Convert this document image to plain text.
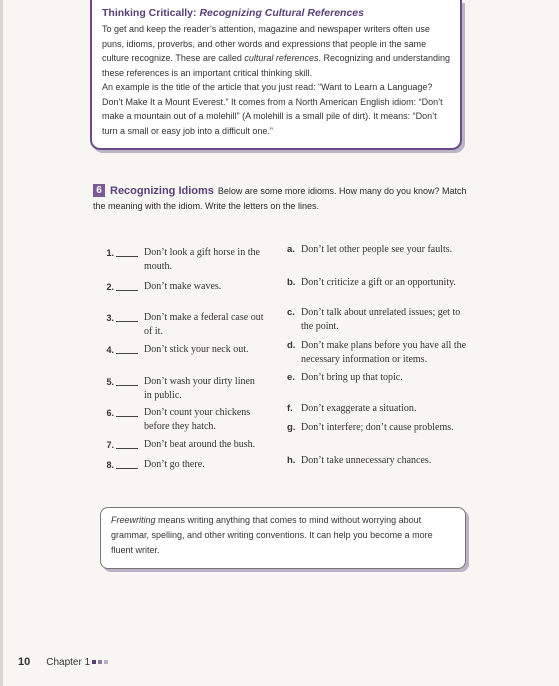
Thinking Critically: Recognizing Cultural References

To get and keep the reader’s attention, magazine and newspaper writers often use puns, idioms, proverbs, and other words and expressions that people in the same culture recognize. These are called cultural references. Recognizing and understanding these references is an important critical thinking skill.

An example is the title of the article that you just read: “Want to Learn a Language? Don’t Make It a Mount Everest.” It comes from a North American English idiom: “Don’t make a mountain out of a molehill” (A molehill is a small pile of dirt). It means: “Don’t turn a small or easy job into a difficult one.”

6 Recognizing Idioms Below are some more idioms. How many do you know? Match the meaning with the idiom. Write the letters on the lines.
1.	Don’t look a gift horse in the mouth.
2.	Don’t make waves.
3.	Don’t make a federal case out of it.
4.	Don’t stick your neck out.
5.	Don’t wash your dirty linen in public.
6.	Don’t count your chickens before they hatch.
7.	Don’t beat around the bush.
8.	Don’t go there.
a. Don’t let other people see your faults.
b. Don’t criticize a gift or an opportunity.
c. Don’t talk about unrelated issues; get to the point.
d. Don’t make plans before you have all the necessary information or items.
e. Don’t bring up that topic.
f. Don’t exaggerate a situation.
g. Don’t interfere; don’t cause problems.
h. Don’t take unnecessary chances.
Freewriting means writing anything that comes to mind without worrying about grammar, spelling, and other writing conventions. It can help you become a more fluent writer.
10 Chapter 1
